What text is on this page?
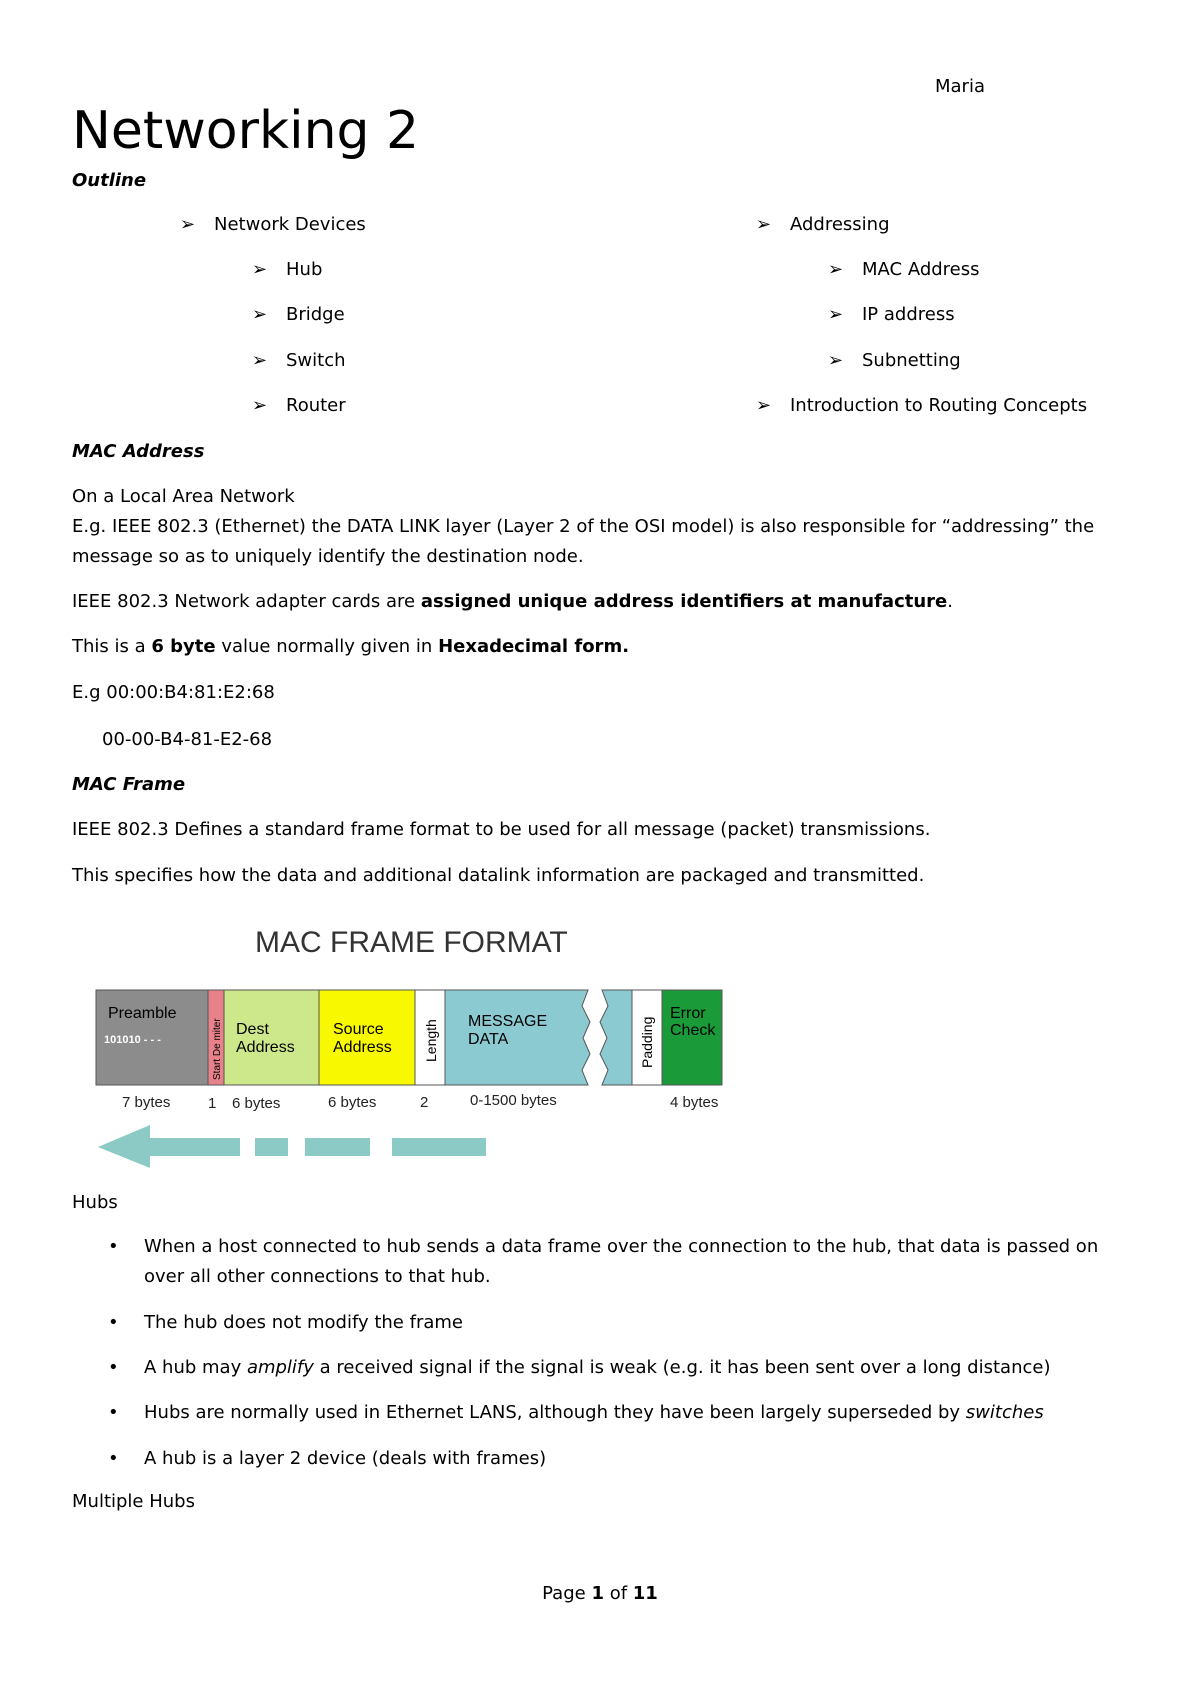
Maria
Networking 2
Outline
➢	Network Devices
➢	Hub
➢	Bridge
➢	Switch
➢	Router
➢	Addressing
➢	MAC Address
➢	IP address
➢	Subnetting
➢	Introduction to Routing Concepts
MAC Address
On a Local Area Network
E.g. IEEE 802.3 (Ethernet) the DATA LINK layer (Layer 2 of the OSI model) is also responsible for “addressing” the message so as to uniquely identify the destination node.
IEEE 802.3 Network adapter cards are assigned unique address identifiers at manufacture.
This is a 6 byte value normally given in Hexadecimal form.
E.g 00:00:B4:81:E2:68
00-00-B4-81-E2-68
MAC Frame
IEEE 802.3 Defines a standard frame format to be used for all message (packet) transmissions.
This specifies how the data and additional datalink information are packaged and transmitted.
MAC FRAME FORMAT
Preamble
101010 - - -	Start De miter Dest
Address
Source
Address Length MESSAGE
DATA	Padding
Error
Check
7 bytes	1 6 bytes	6 bytes	2	0-1500 bytes	4 bytes
Hubs
• When a host connected to hub sends a data frame over the connection to the hub, that data is passed on over all other connections to that hub.
• The hub does not modify the frame
• A hub may amplify a received signal if the signal is weak (e.g. it has been sent over a long distance)
• Hubs are normally used in Ethernet LANS, although they have been largely superseded by switches
• A hub is a layer 2 device (deals with frames)
Multiple Hubs
Page 1 of 11
